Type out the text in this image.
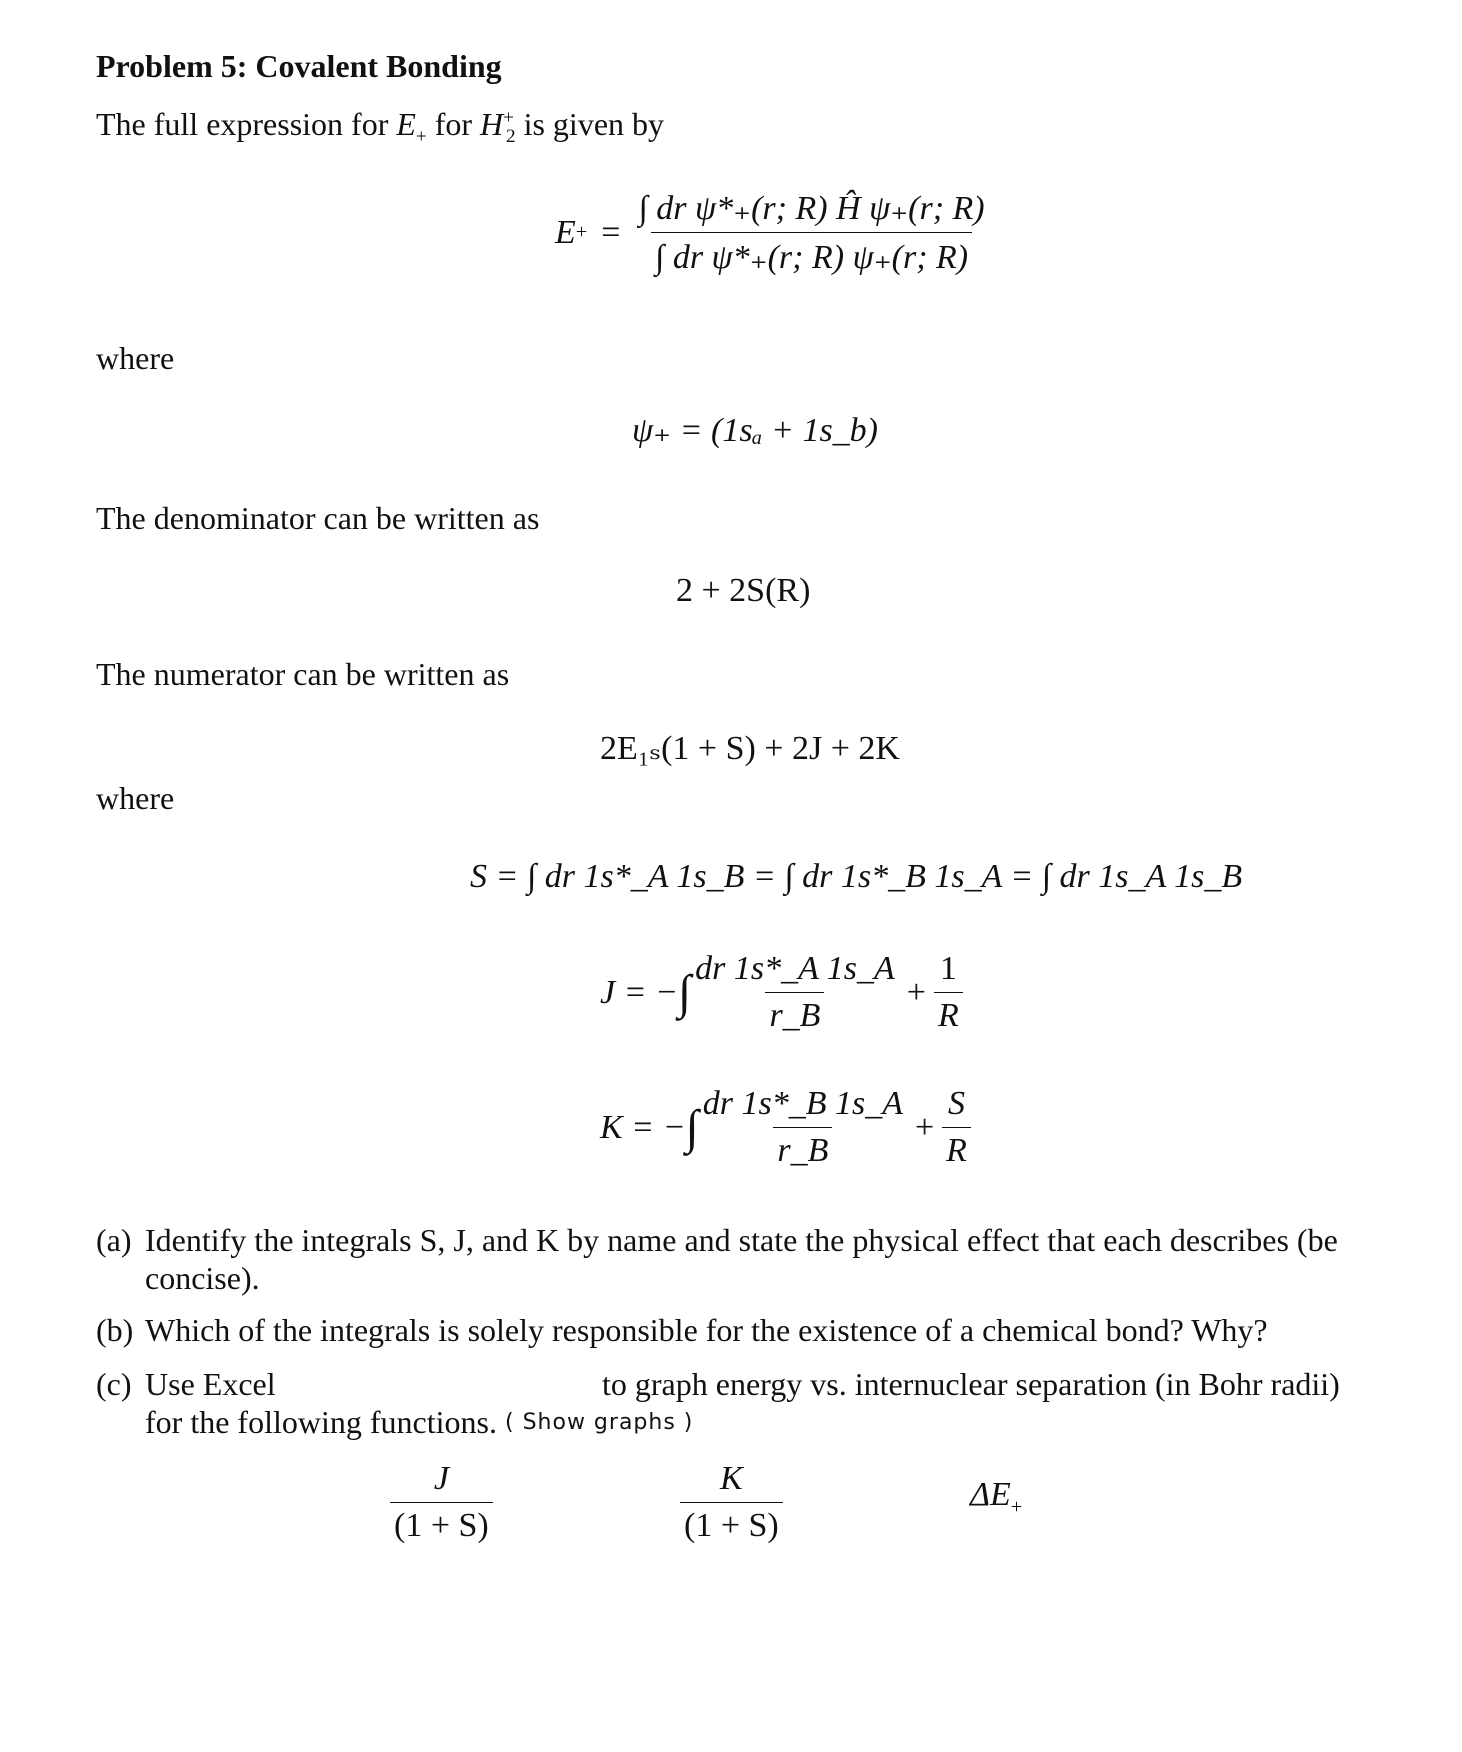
Problem 5: Covalent Bonding
The full expression for $E_+$ for $H^+_2$ is given by
E + = $\frac{\text{∫ dr ψ*₊(r; R) Ĥ ψ₊(r; R)}}{\text{∫ dr ψ*₊(r; R) ψ₊(r; R)}}$
where
ψ₊ = (1sₐ + 1s_b)
The denominator can be written as
2 + 2S(R)
The numerator can be written as
2E₁ₛ(1 + S) + 2J + 2K
where
S = ∫ dr 1s*_A 1s_B = ∫ dr 1s*_B 1s_A = ∫ dr 1s_A 1s_B
J = − ∫ $\frac{dr 1s*\_A 1s\_A}{r\_B} + \frac{1}{R}$
K = − ∫ $\frac{dr 1s*\_B 1s\_A}{r\_B} + \frac{S}{R}$
(a) Identify the integrals S, J, and K by name and state the physical effect that each describes (be
concise).
(b) Which of the integrals is solely responsible for the existence of a chemical bond? Why?
(c) Use Excel	to graph energy vs. internuclear separation (in Bohr radii)
for the following functions. ( Show graphs )
$\frac{J}{(1 + S)}$	$\frac{K}{(1 + S)}$	$\Delta E_+$
